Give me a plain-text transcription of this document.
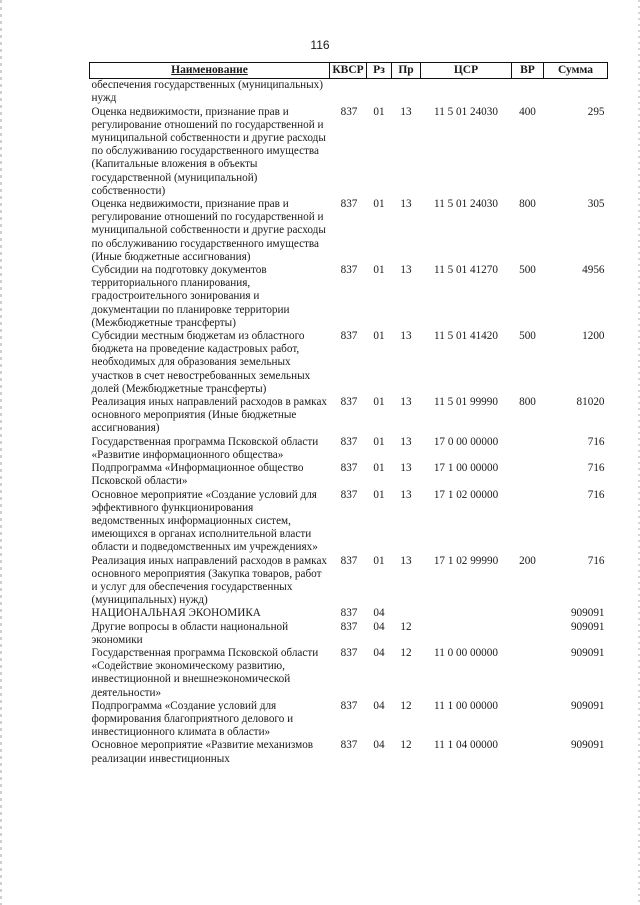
116
Наименование	КВСР	Рз	Пр	ЦСР	ВР	Сумма
обеспечения государственных (муниципальных) нужд						
Оценка недвижимости, признание прав и регулирование отношений по государственной и муниципальной собственности и другие расходы по обслуживанию государственного имущества (Капитальные вложения в объекты государственной (муниципальной) собственности)	837	01	13	11 5 01 24030	400	295
Оценка недвижимости, признание прав и регулирование отношений по государственной и муниципальной собственности и другие расходы по обслуживанию государственного имущества (Иные бюджетные ассигнования)	837	01	13	11 5 01 24030	800	305
Субсидии на подготовку документов территориального планирования, градостроительного зонирования и документации по планировке территории (Межбюджетные трансферты)	837	01	13	11 5 01 41270	500	4956
Субсидии местным бюджетам из областного бюджета на проведение кадастровых работ, необходимых для образования земельных участков в счет невостребованных земельных долей (Межбюджетные трансферты)	837	01	13	11 5 01 41420	500	1200
Реализация иных направлений расходов в рамках основного мероприятия (Иные бюджетные ассигнования)	837	01	13	11 5 01 99990	800	81020
Государственная программа Псковской области «Развитие информационного общества»	837	01	13	17 0 00 00000		716
Подпрограмма «Информационное общество Псковской области»	837	01	13	17 1 00 00000		716
Основное мероприятие «Создание условий для эффективного функционирования ведомственных информационных систем, имеющихся в органах исполнительной власти области и подведомственных им учреждениях»	837	01	13	17 1 02 00000		716
Реализация иных направлений расходов в рамках основного мероприятия (Закупка товаров, работ и услуг для обеспечения государственных (муниципальных) нужд)	837	01	13	17 1 02 99990	200	716
НАЦИОНАЛЬНАЯ ЭКОНОМИКА	837	04				909091
Другие вопросы в области национальной экономики	837	04	12			909091
Государственная программа Псковской области «Содействие экономическому развитию, инвестиционной и внешнеэкономической деятельности»	837	04	12	11 0 00 00000		909091
Подпрограмма «Создание условий для формирования благоприятного делового и инвестиционного климата в области»	837	04	12	11 1 00 00000		909091
Основное мероприятие «Развитие механизмов реализации инвестиционных	837	04	12	11 1 04 00000		909091
